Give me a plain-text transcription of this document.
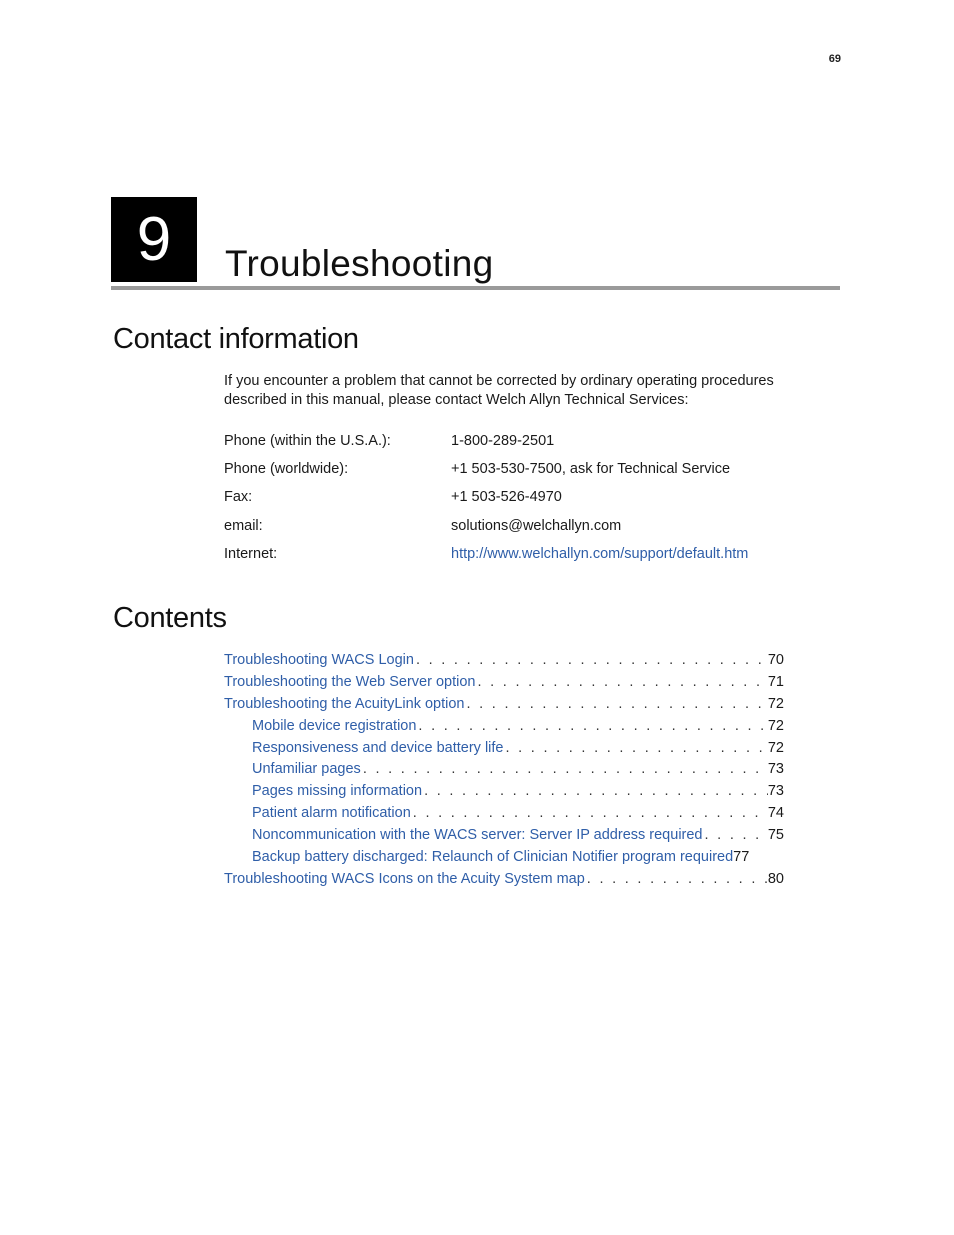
69
9	Troubleshooting
Contact information
If you encounter a problem that cannot be corrected by ordinary operating procedures described in this manual, please contact Welch Allyn Technical Services:
Phone (within the U.S.A.):	1-800-289-2501
Phone (worldwide):	+1 503-530-7500, ask for Technical Service
Fax:	+1 503-526-4970
email:	solutions@welchallyn.com
Internet:	http://www.welchallyn.com/support/default.htm
Contents
Troubleshooting WACS Login . . .	70
Troubleshooting the Web Server option . . .	71
Troubleshooting the AcuityLink option . . .	72
Mobile device registration . . .	72
Responsiveness and device battery life . . .	72
Unfamiliar pages . . .	73
Pages missing information . . .	73
Patient alarm notification . . .	74
Noncommunication with the WACS server: Server IP address required . . .	75
Backup battery discharged: Relaunch of Clinician Notifier program required 77
Troubleshooting WACS Icons on the Acuity System map . . .	80
